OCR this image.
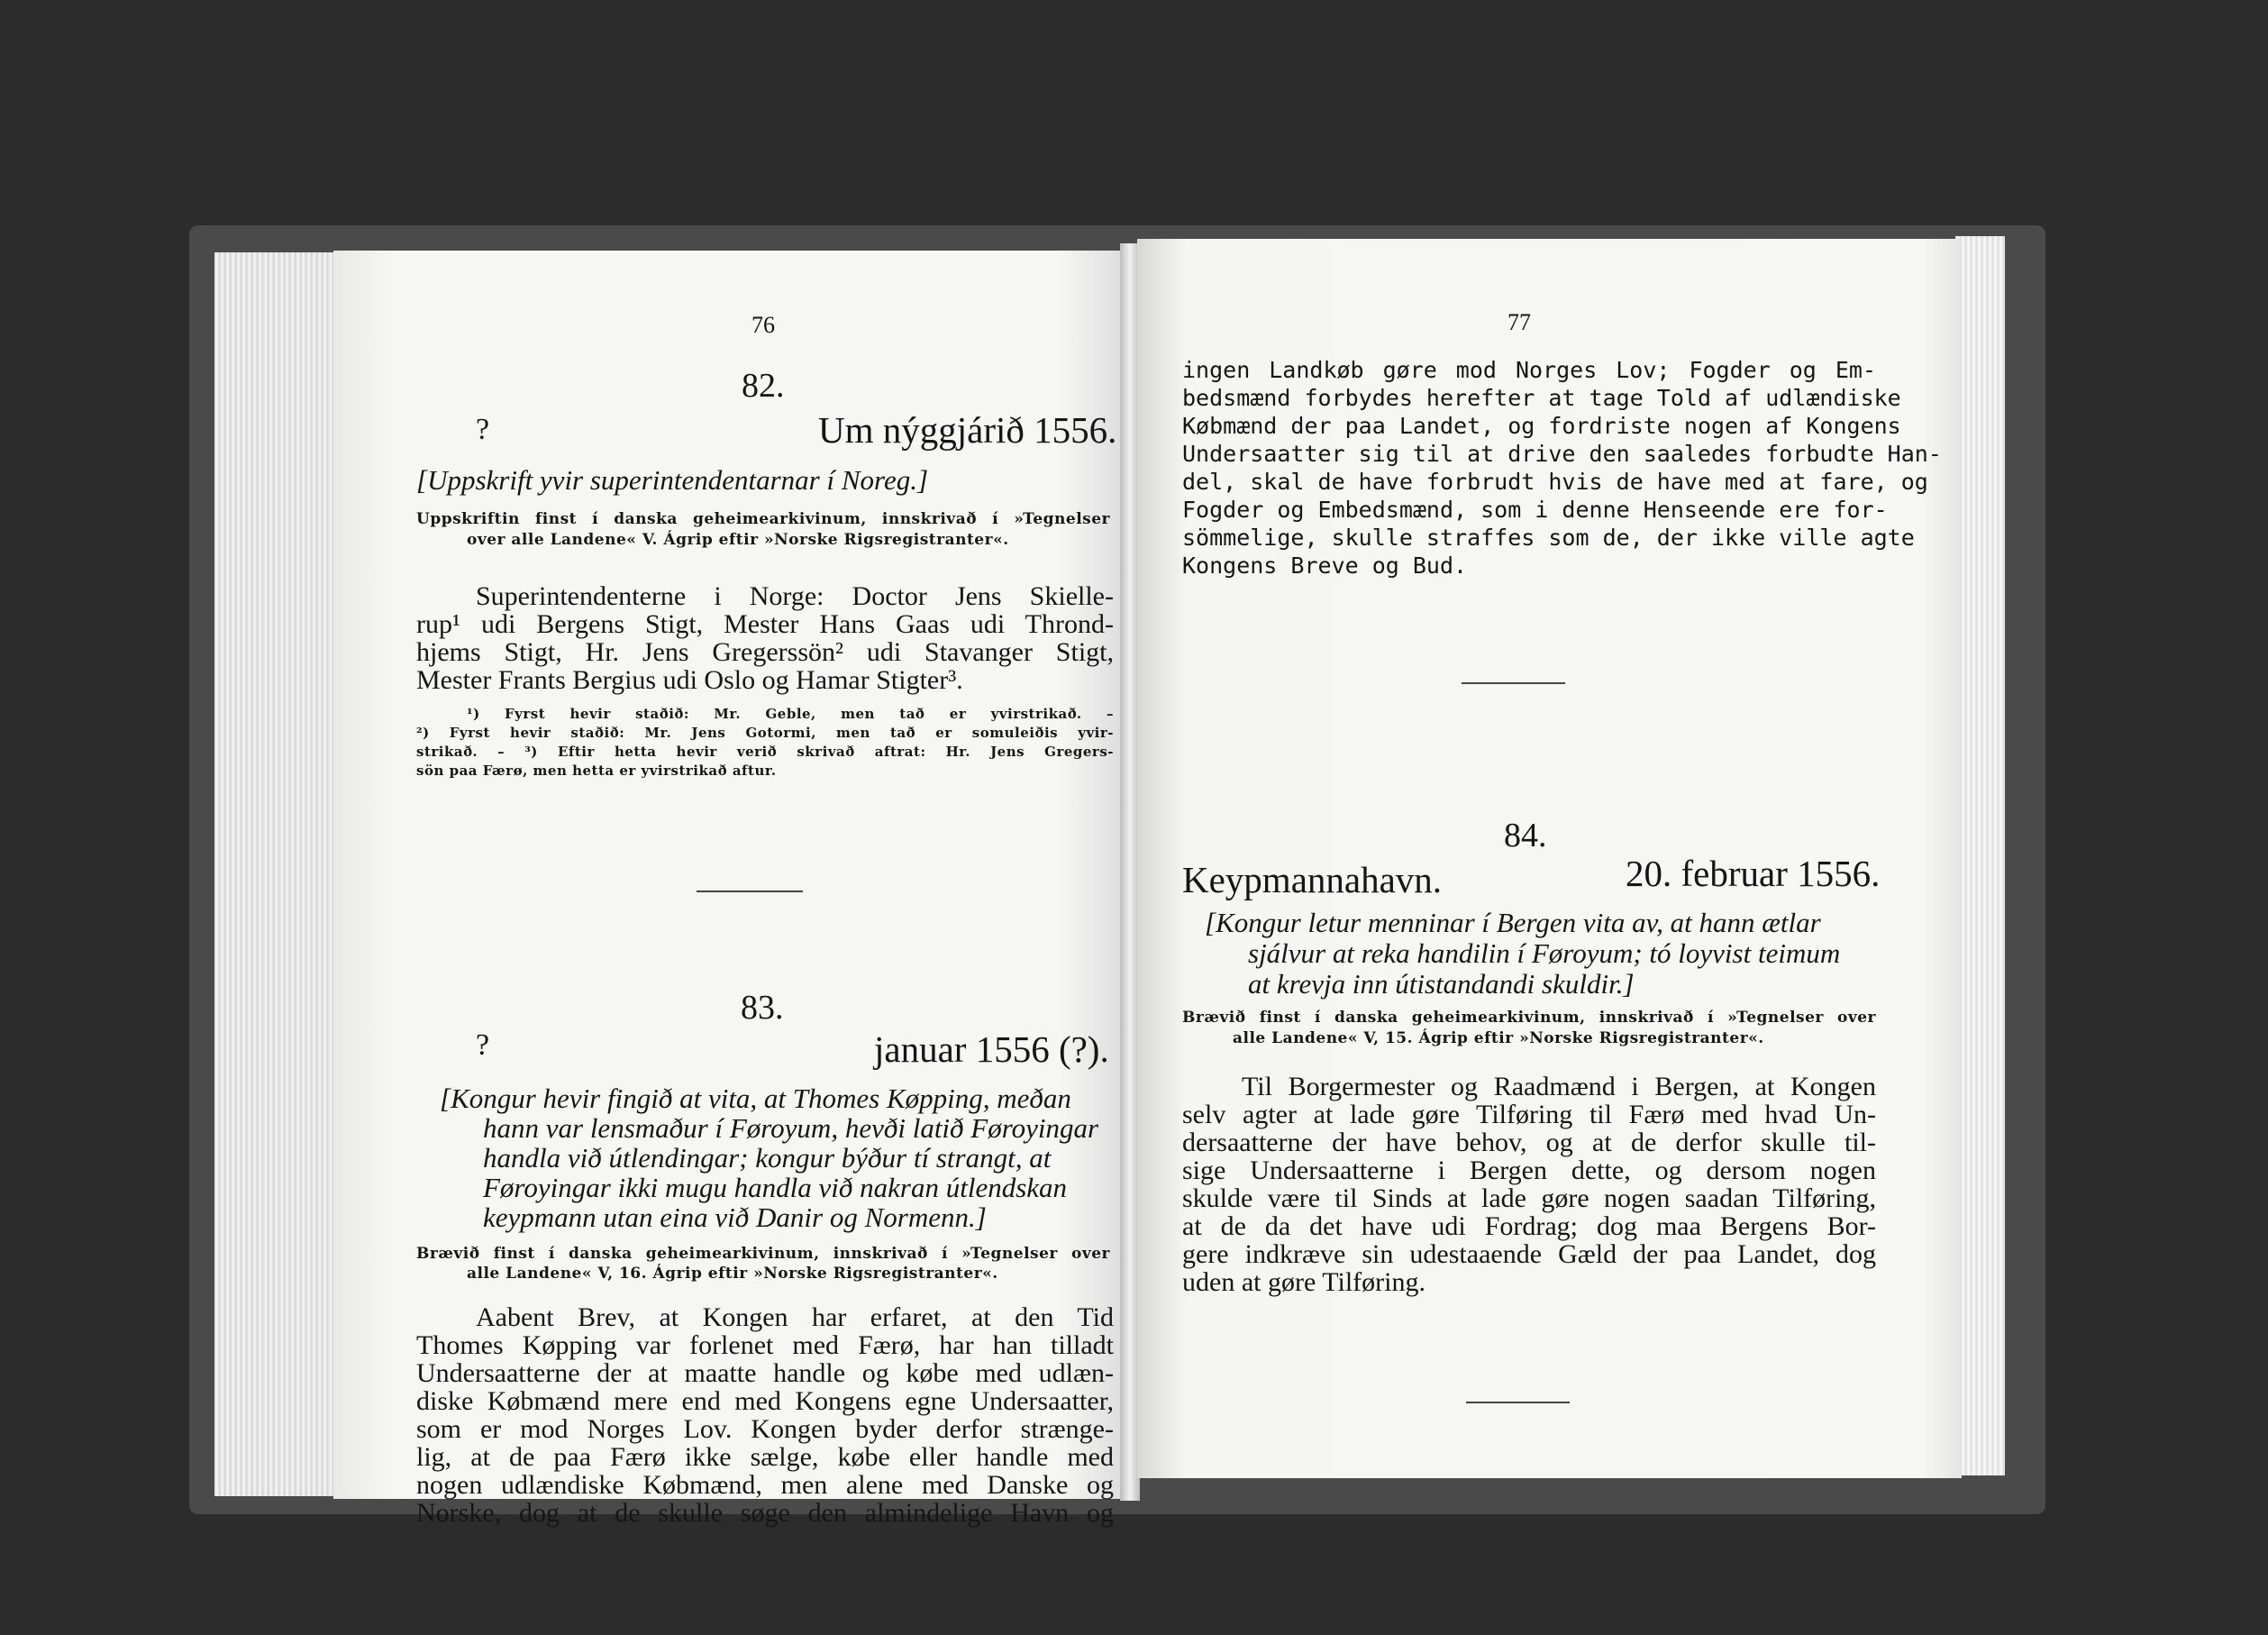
76
82.
?	Um nýggjárið 1556.
[Uppskrift yvir superintendentarnar í Noreg.]
Uppskriftin finst í danska geheimearkivinum, innskrivað í »Tegnelser
over alle Landene« V. Ágrip eftir »Norske Rigsregistranter«.
Superintendenterne i Norge: Doctor Jens Skielle-
rup¹ udi Bergens Stigt, Mester Hans Gaas udi Thrond-
hjems Stigt, Hr. Jens Gregerssön² udi Stavanger Stigt,
Mester Frants Bergius udi Oslo og Hamar Stigter³.
¹) Fyrst hevir staðið: Mr. Geble, men tað er yvirstrikað. –
²) Fyrst hevir staðið: Mr. Jens Gotormi, men tað er somuleiðis yvir-
strikað. – ³) Eftir hetta hevir verið skrivað aftrat: Hr. Jens Gregers-
sön paa Færø, men hetta er yvirstrikað aftur.
83.
?	januar 1556 (?).
[Kongur hevir fingið at vita, at Thomes Køpping, meðan
hann var lensmaður í Føroyum, hevði latið Føroyingar
handla við útlendingar; kongur býður tí strangt, at
Føroyingar ikki mugu handla við nakran útlendskan
keypmann utan eina við Danir og Normenn.]
Brævið finst í danska geheimearkivinum, innskrivað í »Tegnelser over
alle Landene« V, 16. Ágrip eftir »Norske Rigsregistranter«.
Aabent Brev, at Kongen har erfaret, at den Tid
Thomes Køpping var forlenet med Færø, har han tilladt
Undersaatterne der at maatte handle og købe med udlæn-
diske Købmænd mere end med Kongens egne Undersaatter,
som er mod Norges Lov. Kongen byder derfor strænge-
lig, at de paa Færø ikke sælge, købe eller handle med
nogen udlændiske Købmænd, men alene med Danske og
Norske, dog at de skulle søge den almindelige Havn og
77
ingen Landkøb gøre mod Norges Lov; Fogder og Em-
bedsmænd forbydes herefter at tage Told af udlændiske
Købmænd der paa Landet, og fordriste nogen af Kongens
Undersaatter sig til at drive den saaledes forbudte Han-
del, skal de have forbrudt hvis de have med at fare, og
Fogder og Embedsmænd, som i denne Henseende ere for-
sömmelige, skulle straffes som de, der ikke ville agte
Kongens Breve og Bud.
84.
Keypmannahavn.	20. februar 1556.
[Kongur letur menninar í Bergen vita av, at hann ætlar
sjálvur at reka handilin í Føroyum; tó loyvist teimum
at krevja inn útistandandi skuldir.]
Brævið finst í danska geheimearkivinum, innskrivað í »Tegnelser over
alle Landene« V, 15. Ágrip eftir »Norske Rigsregistranter«.
Til Borgermester og Raadmænd i Bergen, at Kongen
selv agter at lade gøre Tilføring til Færø med hvad Un-
dersaatterne der have behov, og at de derfor skulle til-
sige Undersaatterne i Bergen dette, og dersom nogen
skulde være til Sinds at lade gøre nogen saadan Tilføring,
at de da det have udi Fordrag; dog maa Bergens Bor-
gere indkræve sin udestaaende Gæld der paa Landet, dog
uden at gøre Tilføring.
